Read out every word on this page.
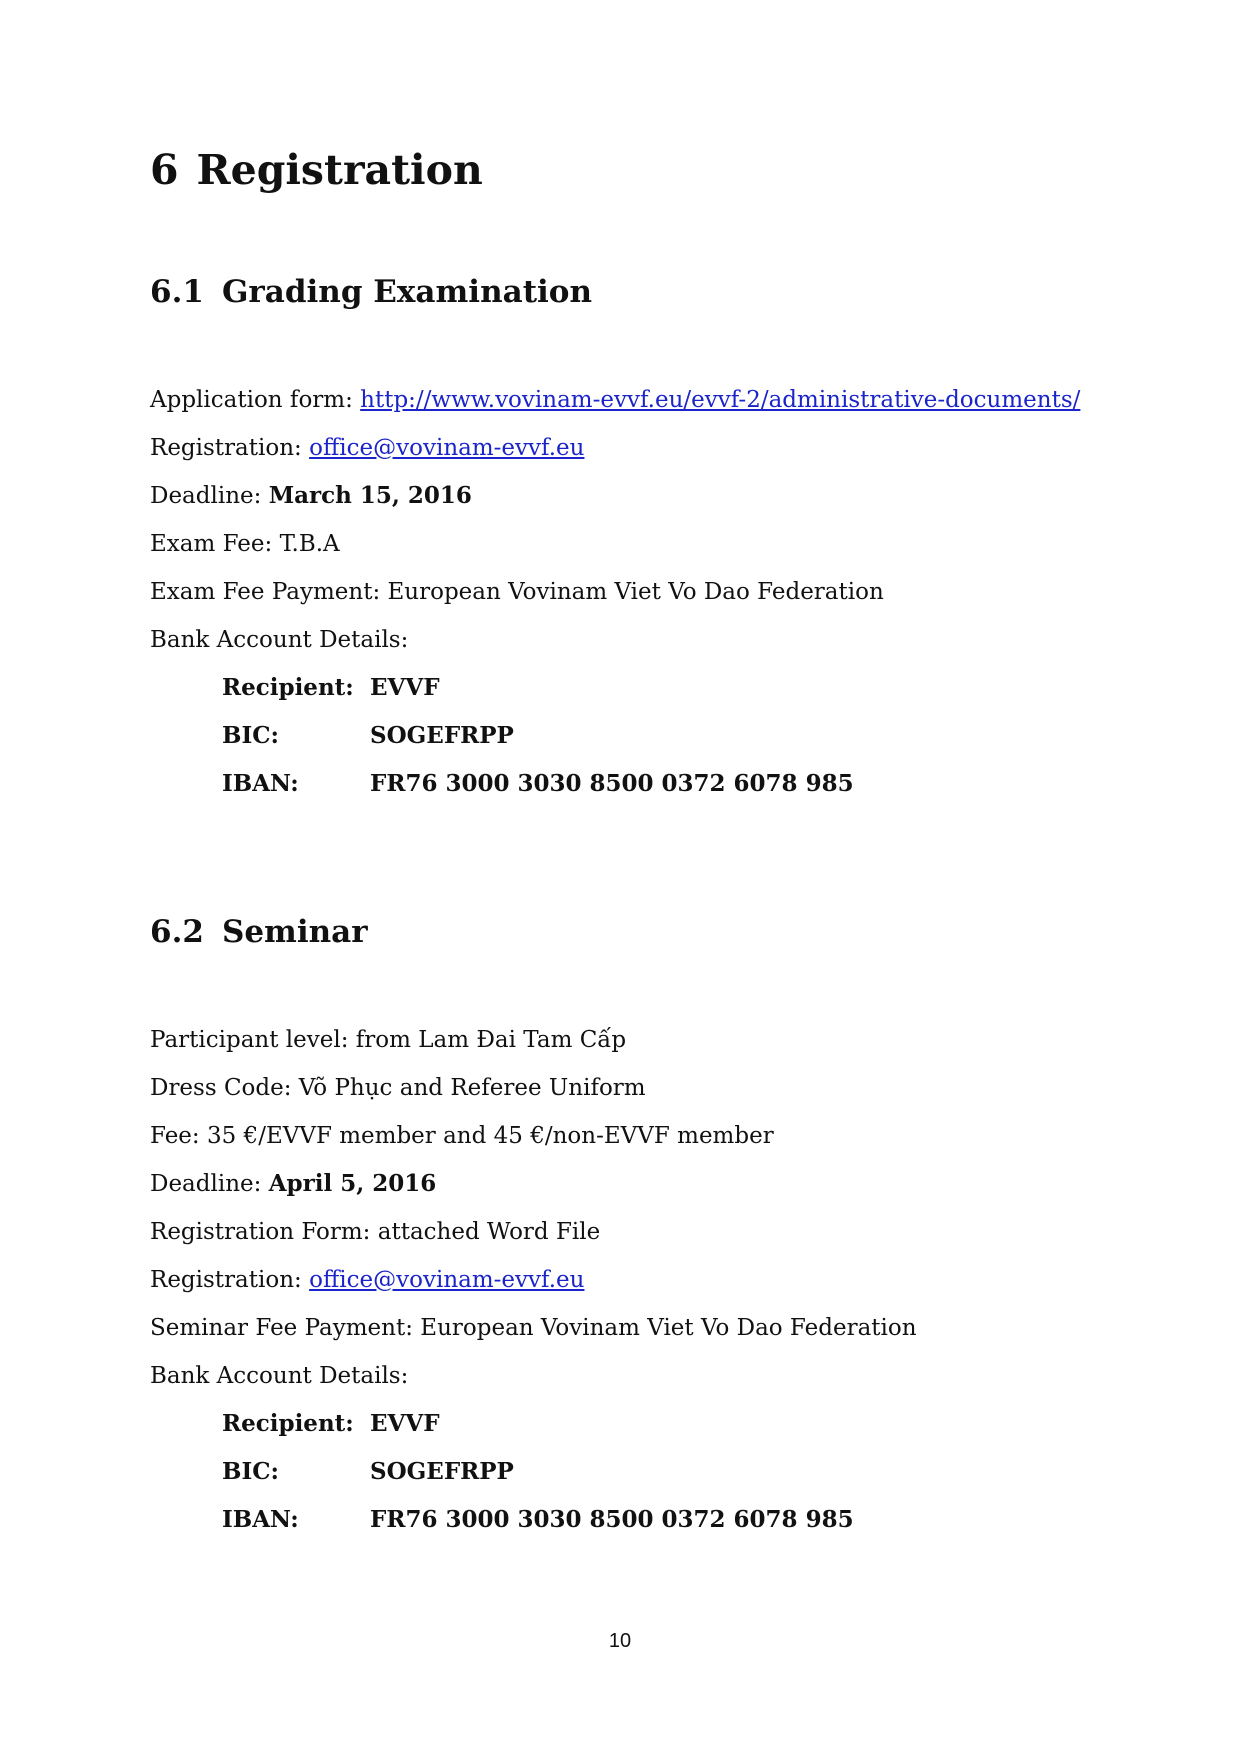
6 Registration
6.1 Grading Examination
Application form: http://www.vovinam-evvf.eu/evvf-2/administrative-documents/
Registration: office@vovinam-evvf.eu
Deadline: March 15, 2016
Exam Fee: T.B.A
Exam Fee Payment: European Vovinam Viet Vo Dao Federation
Bank Account Details:
Recipient: EVVF
BIC:	SOGEFRPP
IBAN:	FR76 3000 3030 8500 0372 6078 985
6.2 Seminar
Participant level: from Lam Đai Tam Cấp
Dress Code: Võ Phục and Referee Uniform
Fee: 35 €/EVVF member and 45 €/non-EVVF member
Deadline: April 5, 2016
Registration Form: attached Word File
Registration: office@vovinam-evvf.eu
Seminar Fee Payment: European Vovinam Viet Vo Dao Federation
Bank Account Details:
Recipient: EVVF
BIC:	SOGEFRPP
IBAN:	FR76 3000 3030 8500 0372 6078 985
10
